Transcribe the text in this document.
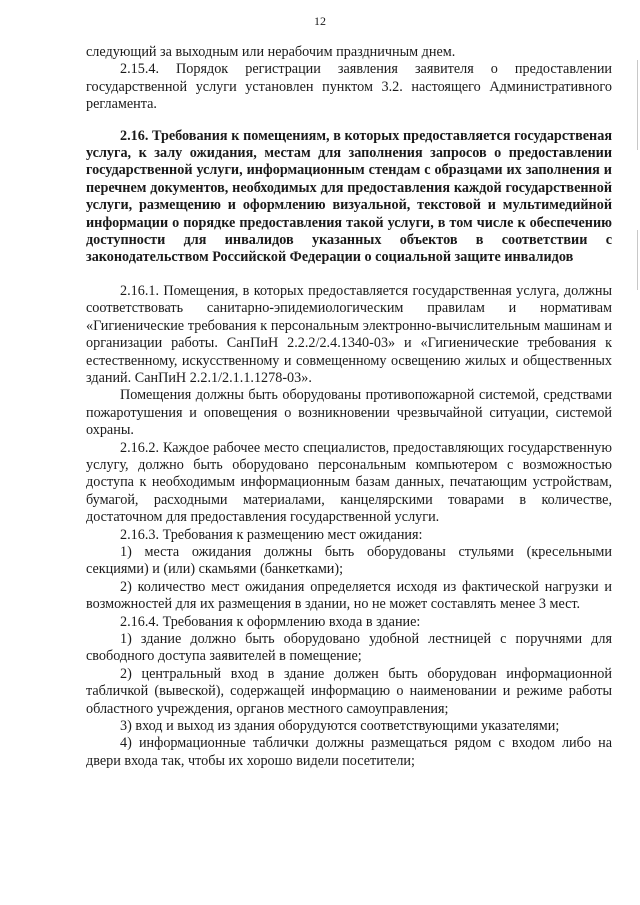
12

следующий за выходным или нерабочим праздничным днем.

2.15.4. Порядок регистрации заявления заявителя о предоставлении государственной услуги установлен пунктом 3.2. настоящего Административного регламента.

2.16. Требования к помещениям, в которых предоставляется государственая услуга, к залу ожидания, местам для заполнения запросов о предоставлении государственной услуги, информационным стендам с образцами их заполнения и перечнем документов, необходимых для предоставления каждой государственной услуги, размещению и оформлению визуальной, текстовой и мультимедийной информации о порядке предоставления такой услуги, в том числе к обеспечению доступности для инвалидов указанных объектов в соответствии с законодательством Российской Федерации о социальной защите инвалидов

2.16.1. Помещения, в которых предоставляется государственная услуга, должны соответствовать санитарно-эпидемиологическим правилам и нормативам «Гигиенические требования к персональным электронно-вычислительным машинам и организации работы. СанПиН 2.2.2/2.4.1340-03» и «Гигиенические требования к естественному, искусственному и совмещенному освещению жилых и общественных зданий. СанПиН 2.2.1/2.1.1.1278-03».

Помещения должны быть оборудованы противопожарной системой, средствами пожаротушения и оповещения о возникновении чрезвычайной ситуации, системой охраны.

2.16.2. Каждое рабочее место специалистов, предоставляющих государственную услугу, должно быть оборудовано персональным компьютером с возможностью доступа к необходимым информационным базам данных, печатающим устройствам, бумагой, расходными материалами, канцелярскими товарами в количестве, достаточном для предоставления государственной услуги.

2.16.3. Требования к размещению мест ожидания:

1) места ожидания должны быть оборудованы стульями (кресельными секциями) и (или) скамьями (банкетками);

2) количество мест ожидания определяется исходя из фактической нагрузки и возможностей для их размещения в здании, но не может составлять менее 3 мест.

2.16.4. Требования к оформлению входа в здание:

1) здание должно быть оборудовано удобной лестницей с поручнями для свободного доступа заявителей в помещение;

2) центральный вход в здание должен быть оборудован информационной табличкой (вывеской), содержащей информацию о наименовании и режиме работы областного учреждения, органов местного самоуправления;

3) вход и выход из здания оборудуются соответствующими указателями;

4) информационные таблички должны размещаться рядом с входом либо на двери входа так, чтобы их хорошо видели посетители;
